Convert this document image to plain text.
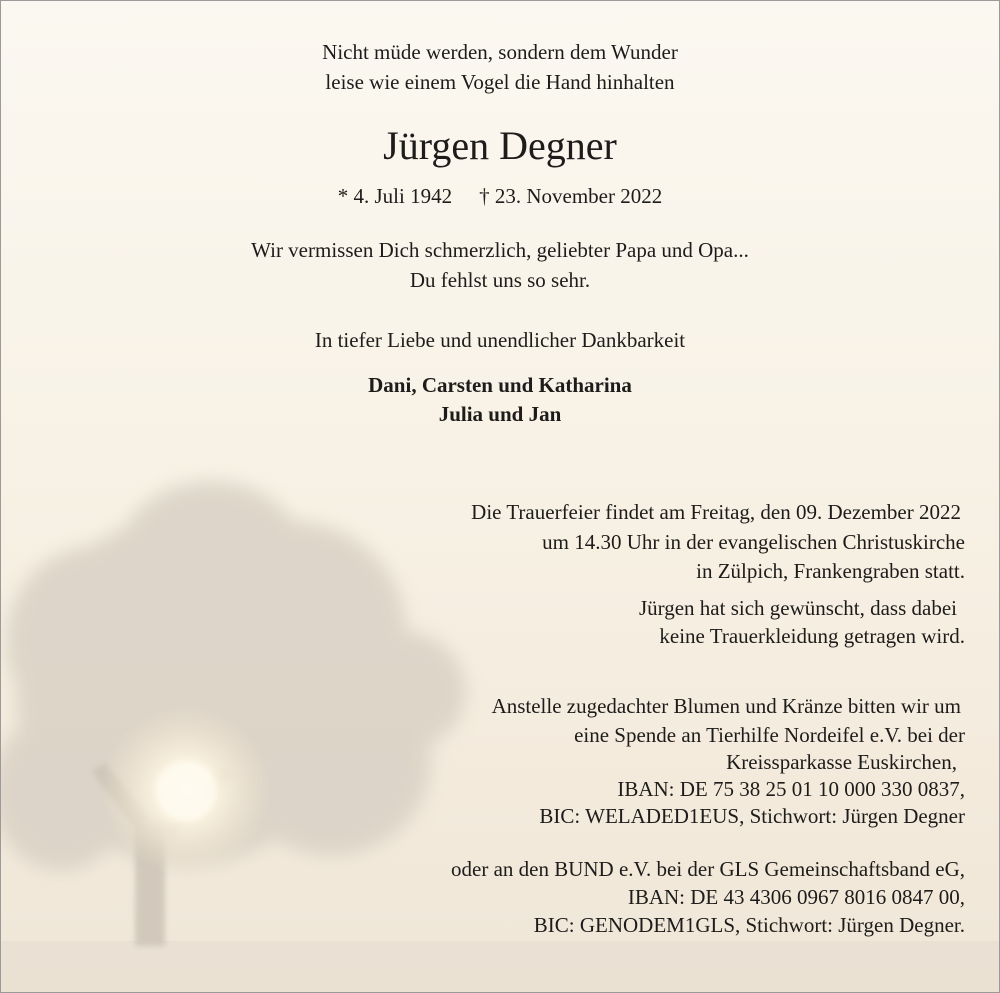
Nicht müde werden, sondern dem Wunder
leise wie einem Vogel die Hand hinhalten
Jürgen Degner
* 4. Juli 1942 † 23. November 2022
Wir vermissen Dich schmerzlich, geliebter Papa und Opa...
Du fehlst uns so sehr.
In tiefer Liebe und unendlicher Dankbarkeit
Dani, Carsten und Katharina
Julia und Jan
Die Trauerfeier findet am Freitag, den 09. Dezember 2022
um 14.30 Uhr in der evangelischen Christuskirche
in Zülpich, Frankengraben statt.
Jürgen hat sich gewünscht, dass dabei
keine Trauerkleidung getragen wird.
Anstelle zugedachter Blumen und Kränze bitten wir um
eine Spende an Tierhilfe Nordeifel e.V. bei der
Kreissparkasse Euskirchen,
IBAN: DE 75 38 25 01 10 000 330 0837,
BIC: WELADED1EUS, Stichwort: Jürgen Degner
oder an den BUND e.V. bei der GLS Gemeinschaftsband eG,
IBAN: DE 43 4306 0967 8016 0847 00,
BIC: GENODEM1GLS, Stichwort: Jürgen Degner.
